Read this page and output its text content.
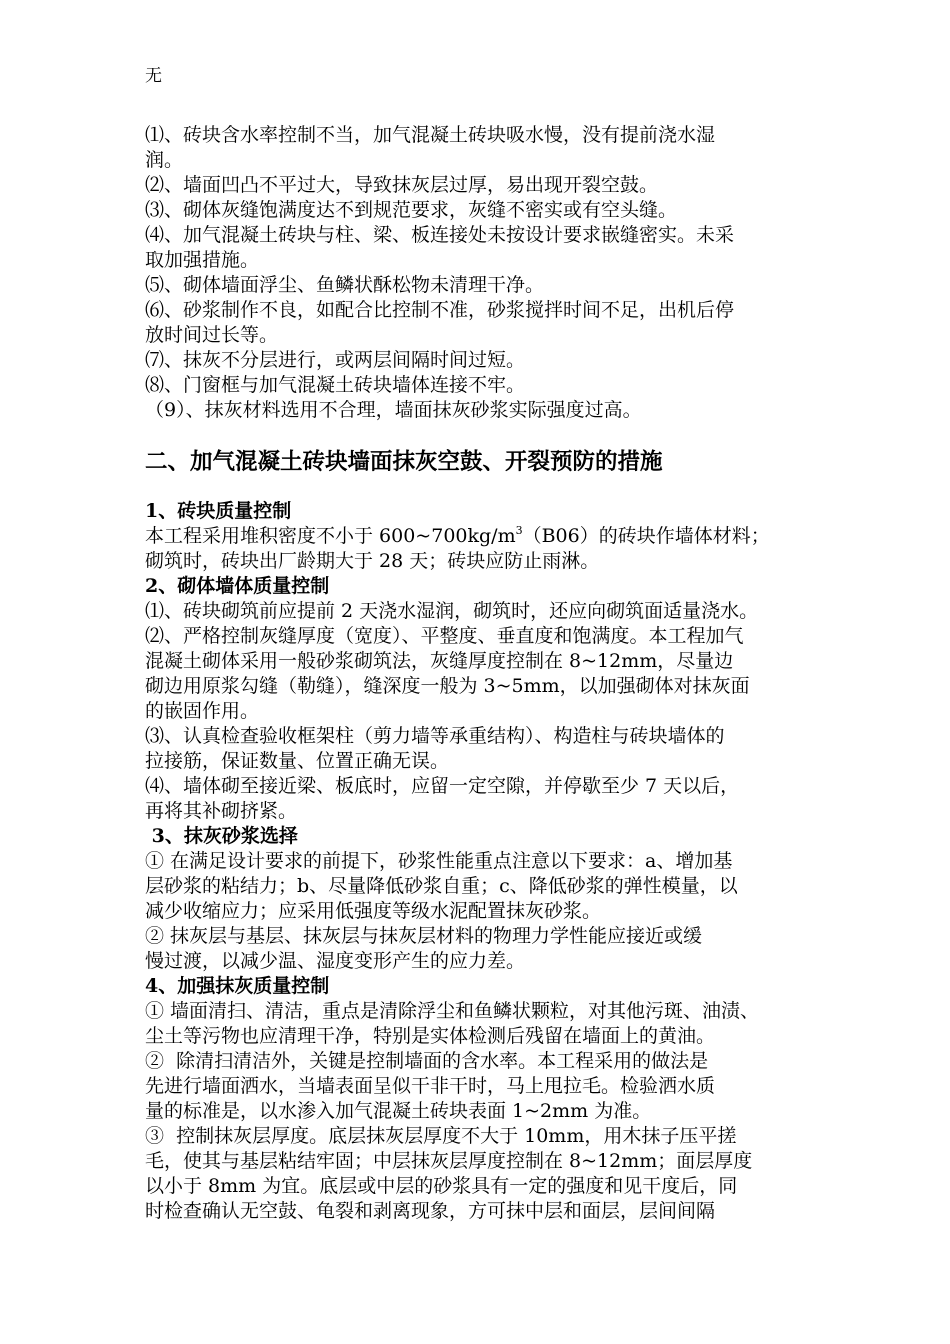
无
⑴、砖块含水率控制不当，加气混凝土砖块吸水慢，没有提前浇水湿
润。
⑵、墙面凹凸不平过大，导致抹灰层过厚，易出现开裂空鼓。
⑶、砌体灰缝饱满度达不到规范要求，灰缝不密实或有空头缝。
⑷、加气混凝土砖块与柱、梁、板连接处未按设计要求嵌缝密实。未采
取加强措施。
⑸、砌体墙面浮尘、鱼鳞状酥松物未清理干净。
⑹、砂浆制作不良，如配合比控制不准，砂浆搅拌时间不足，出机后停
放时间过长等。
⑺、抹灰不分层进行，或两层间隔时间过短。
⑻、门窗框与加气混凝土砖块墙体连接不牢。
（9）、抹灰材料选用不合理，墙面抹灰砂浆实际强度过高。
二、加气混凝土砖块墙面抹灰空鼓、开裂预防的措施
1、砖块质量控制
本工程采用堆积密度不小于 $600\sim 700kg/m^3(B06)$的砖块作墙体材料；
砌筑时，砖块出厂龄期大于 28 天；砖块应防止雨淋。
2、砌体墙体质量控制
⑴、砖块砌筑前应提前 2 天浇水湿润，砌筑时，还应向砌筑面适量浇水。
⑵、严格控制灰缝厚度（宽度）、平整度、垂直度和饱满度。本工程加气
混凝土砌体采用一般砂浆砌筑法，灰缝厚度控制在 8~12mm，尽量边
砌边用原浆勾缝（勒缝），缝深度一般为 3~5mm，以加强砌体对抹灰面
的嵌固作用。
⑶、认真检查验收框架柱（剪力墙等承重结构）、构造柱与砖块墙体的
拉接筋，保证数量、位置正确无误。
⑷、墙体砌至接近梁、板底时，应留一定空隙，并停歇至少 7 天以后，
再将其补砌挤紧。
3、抹灰砂浆选择
① 在满足设计要求的前提下，砂浆性能重点注意以下要求：a、增加基
层砂浆的粘结力；b、尽量降低砂浆自重；c、降低砂浆的弹性模量，以
减少收缩应力；应采用低强度等级水泥配置抹灰砂浆。
② 抹灰层与基层、抹灰层与抹灰层材料的物理力学性能应接近或缓
慢过渡，以减少温、湿度变形产生的应力差。
4、加强抹灰质量控制
① 墙面清扫、清洁，重点是清除浮尘和鱼鳞状颗粒，对其他污斑、油渍、
尘土等污物也应清理干净，特别是实体检测后残留在墙面上的黄油。
②  除清扫清洁外，关键是控制墙面的含水率。本工程采用的做法是
先进行墙面洒水，当墙表面呈似干非干时，马上甩拉毛。检验洒水质
量的标准是，以水渗入加气混凝土砖块表面 1~2mm 为准。
③  控制抹灰层厚度。底层抹灰层厚度不大于 10mm，用木抹子压平搓
毛，使其与基层粘结牢固；中层抹灰层厚度控制在 8~12mm；面层厚度
以小于 8mm 为宜。底层或中层的砂浆具有一定的强度和见干度后，同
时检查确认无空鼓、龟裂和剥离现象，方可抹中层和面层，层间间隔
